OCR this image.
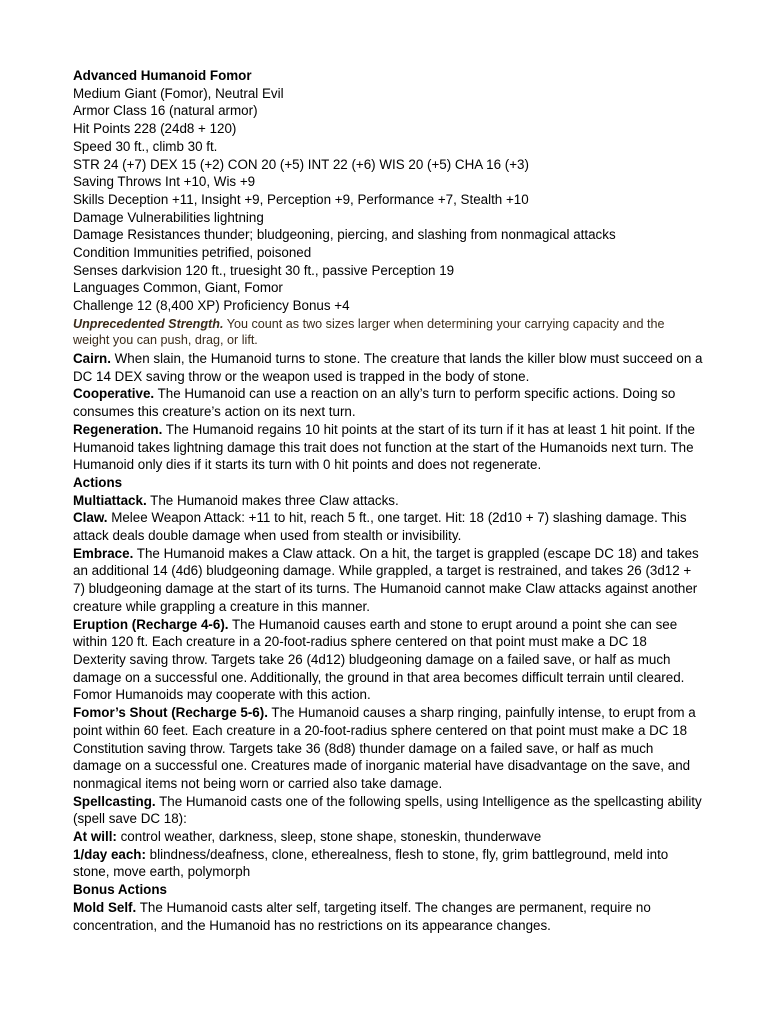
Advanced Humanoid Fomor
Medium Giant (Fomor), Neutral Evil
Armor Class 16 (natural armor)
Hit Points 228 (24d8 + 120)
Speed 30 ft., climb 30 ft.
STR 24 (+7) DEX 15 (+2) CON 20 (+5) INT 22 (+6) WIS 20 (+5) CHA 16 (+3)
Saving Throws Int +10, Wis +9
Skills Deception +11, Insight +9, Perception +9, Performance +7, Stealth +10
Damage Vulnerabilities lightning
Damage Resistances thunder; bludgeoning, piercing, and slashing from nonmagical attacks
Condition Immunities petrified, poisoned
Senses darkvision 120 ft., truesight 30 ft., passive Perception 19
Languages Common, Giant, Fomor
Challenge 12 (8,400 XP) Proficiency Bonus +4
Unprecedented Strength. You count as two sizes larger when determining your carrying capacity and the weight you can push, drag, or lift.
Cairn. When slain, the Humanoid turns to stone. The creature that lands the killer blow must succeed on a DC 14 DEX saving throw or the weapon used is trapped in the body of stone.
Cooperative. The Humanoid can use a reaction on an ally’s turn to perform specific actions. Doing so consumes this creature’s action on its next turn.
Regeneration. The Humanoid regains 10 hit points at the start of its turn if it has at least 1 hit point. If the Humanoid takes lightning damage this trait does not function at the start of the Humanoids next turn. The Humanoid only dies if it starts its turn with 0 hit points and does not regenerate.
Actions
Multiattack. The Humanoid makes three Claw attacks.
Claw. Melee Weapon Attack: +11 to hit, reach 5 ft., one target. Hit: 18 (2d10 + 7) slashing damage. This attack deals double damage when used from stealth or invisibility.
Embrace. The Humanoid makes a Claw attack. On a hit, the target is grappled (escape DC 18) and takes an additional 14 (4d6) bludgeoning damage. While grappled, a target is restrained, and takes 26 (3d12 + 7) bludgeoning damage at the start of its turns. The Humanoid cannot make Claw attacks against another creature while grappling a creature in this manner.
Eruption (Recharge 4-6). The Humanoid causes earth and stone to erupt around a point she can see within 120 ft. Each creature in a 20-foot-radius sphere centered on that point must make a DC 18 Dexterity saving throw. Targets take 26 (4d12) bludgeoning damage on a failed save, or half as much damage on a successful one. Additionally, the ground in that area becomes difficult terrain until cleared. Fomor Humanoids may cooperate with this action.
Fomor’s Shout (Recharge 5-6). The Humanoid causes a sharp ringing, painfully intense, to erupt from a point within 60 feet. Each creature in a 20-foot-radius sphere centered on that point must make a DC 18 Constitution saving throw. Targets take 36 (8d8) thunder damage on a failed save, or half as much damage on a successful one. Creatures made of inorganic material have disadvantage on the save, and nonmagical items not being worn or carried also take damage.
Spellcasting. The Humanoid casts one of the following spells, using Intelligence as the spellcasting ability (spell save DC 18):
At will: control weather, darkness, sleep, stone shape, stoneskin, thunderwave
1/day each: blindness/deafness, clone, etherealness, flesh to stone, fly, grim battleground, meld into stone, move earth, polymorph
Bonus Actions
Mold Self. The Humanoid casts alter self, targeting itself. The changes are permanent, require no concentration, and the Humanoid has no restrictions on its appearance changes.
